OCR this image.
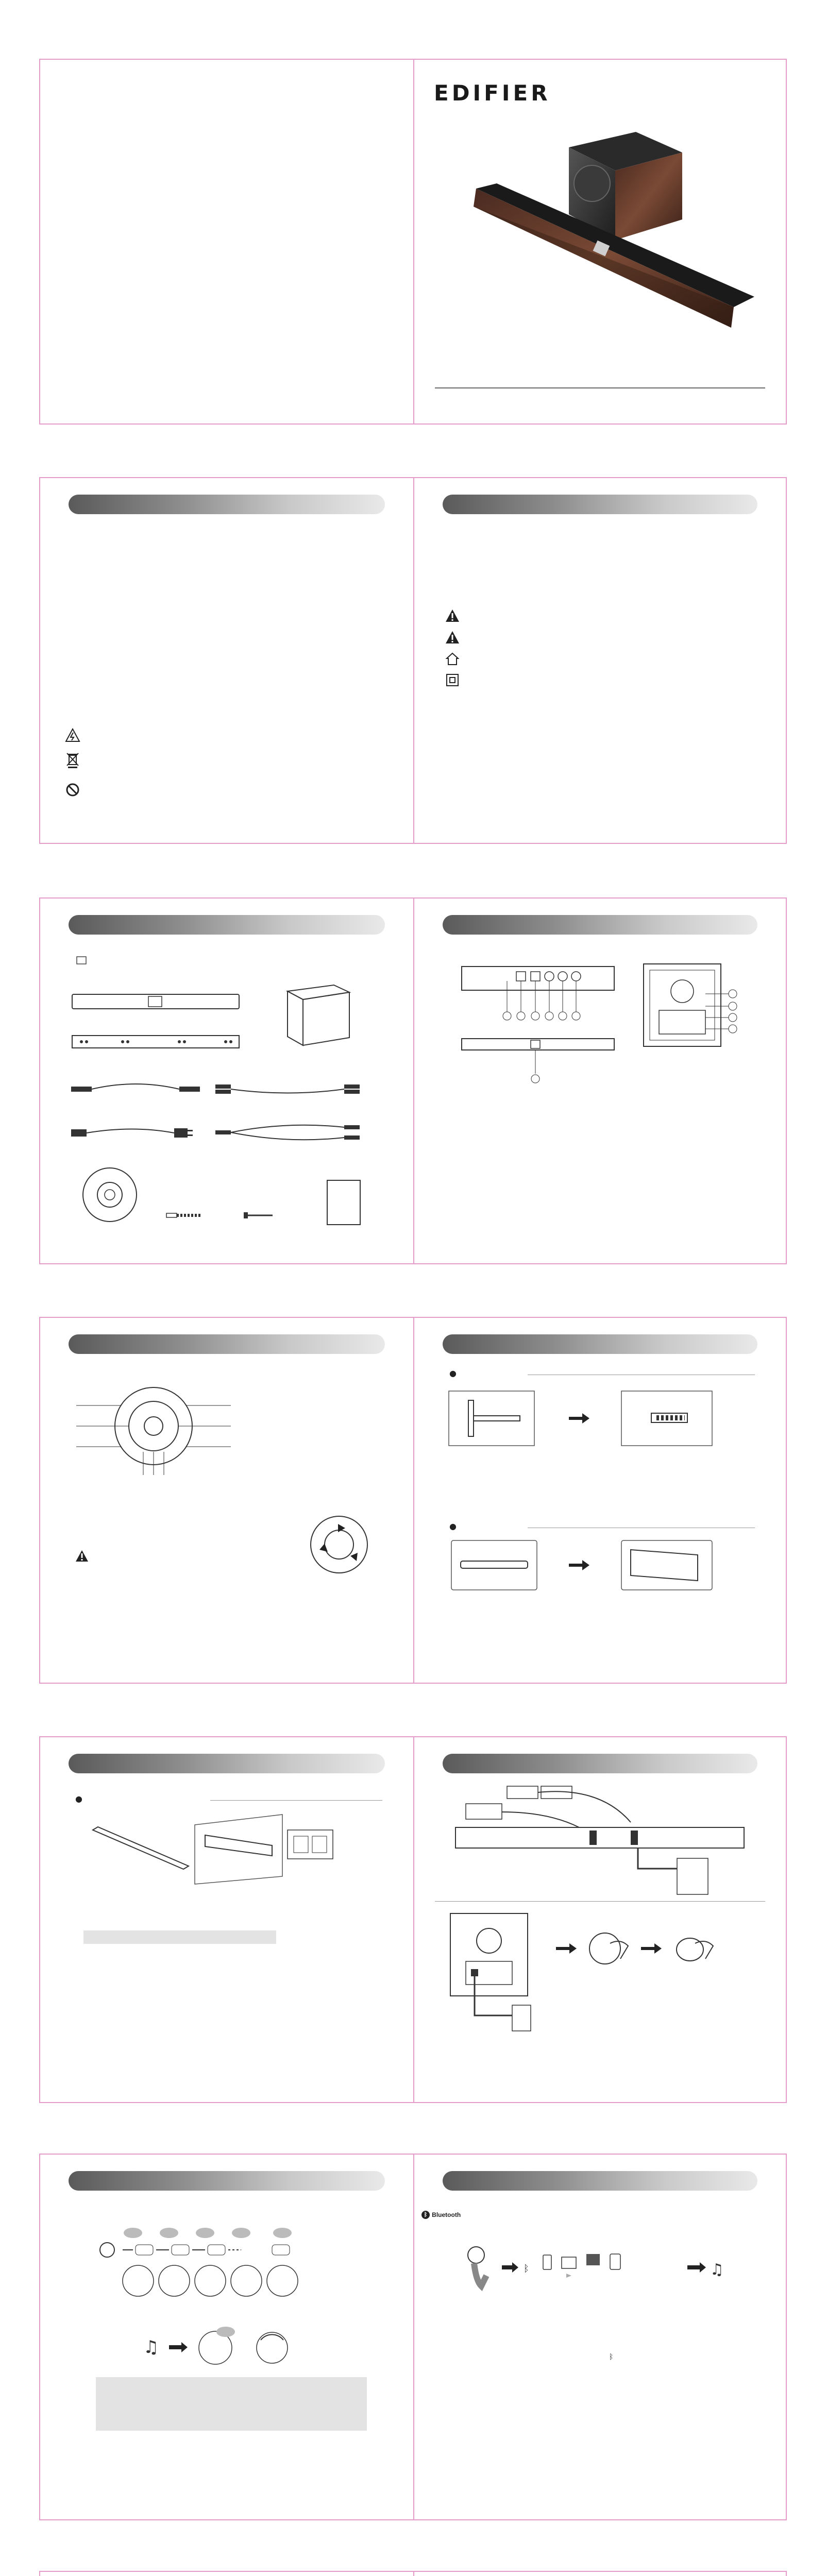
EDIFIER
●
●
●
♫
ᛒ Bluetooth
ᛒ	♫
ᛒ
